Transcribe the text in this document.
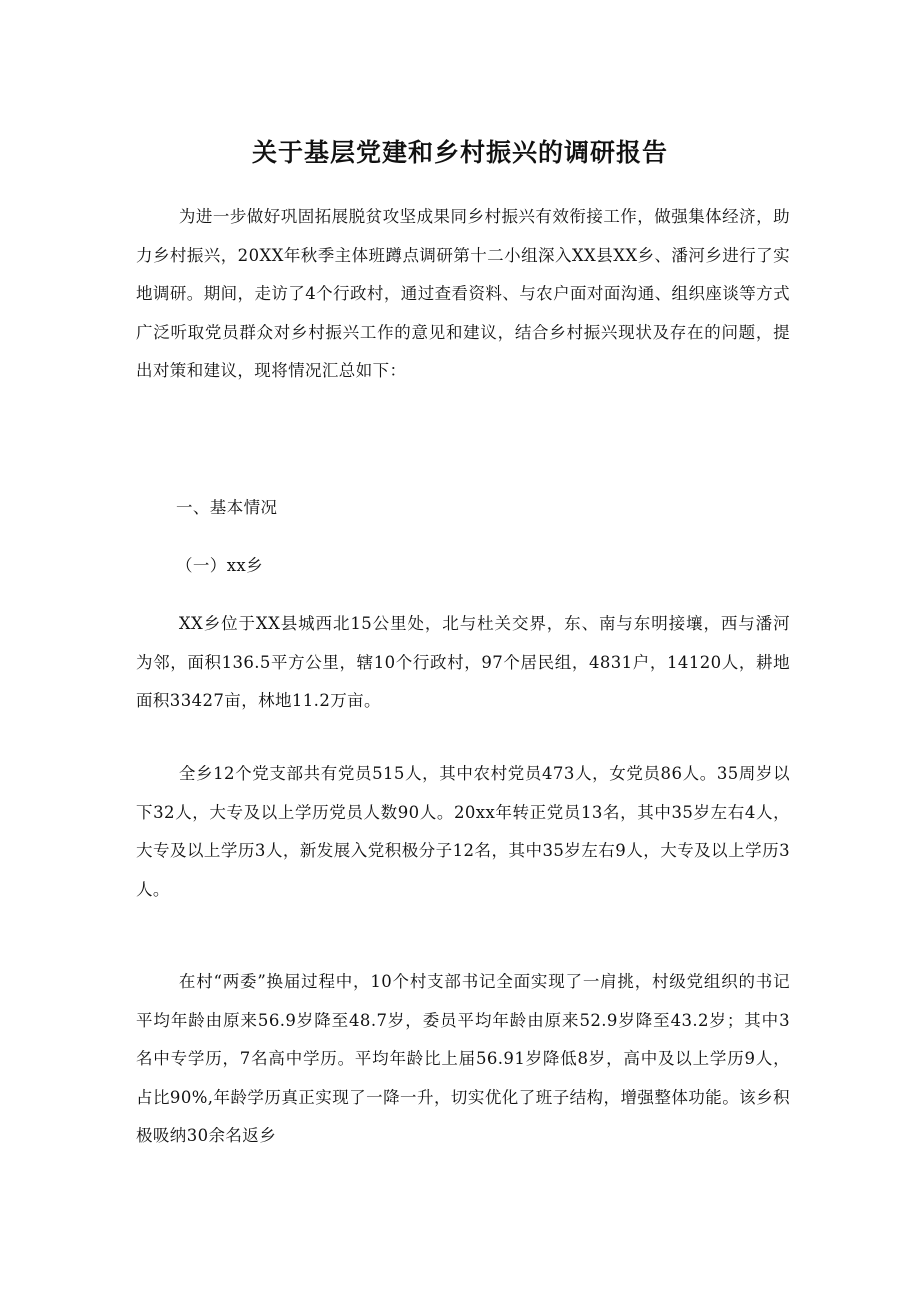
关于基层党建和乡村振兴的调研报告

为进一步做好巩固拓展脱贫攻坚成果同乡村振兴有效衔接工作，做强集体经济，助力乡村振兴，20XX年秋季主体班蹲点调研第十二小组深入XX县XX乡、潘河乡进行了实地调研。期间，走访了4个行政村，通过查看资料、与农户面对面沟通、组织座谈等方式广泛听取党员群众对乡村振兴工作的意见和建议，结合乡村振兴现状及存在的问题，提出对策和建议，现将情况汇总如下：

一、基本情况

（一）xx乡

XX乡位于XX县城西北15公里处，北与杜关交界，东、南与东明接壤，西与潘河为邻，面积136.5平方公里，辖10个行政村，97个居民组，4831户，14120人，耕地面积33427亩，林地11.2万亩。

全乡12个党支部共有党员515人，其中农村党员473人，女党员86人。35周岁以下32人，大专及以上学历党员人数90人。20xx年转正党员13名，其中35岁左右4人，大专及以上学历3人，新发展入党积极分子12名，其中35岁左右9人，大专及以上学历3人。

在村“两委”换届过程中，10个村支部书记全面实现了一肩挑，村级党组织的书记平均年龄由原来56.9岁降至48.7岁，委员平均年龄由原来52.9岁降至43.2岁；其中3名中专学历，7名高中学历。平均年龄比上届56.91岁降低8岁，高中及以上学历9人，占比90%,年龄学历真正实现了一降一升，切实优化了班子结构，增强整体功能。该乡积极吸纳30余名返乡
